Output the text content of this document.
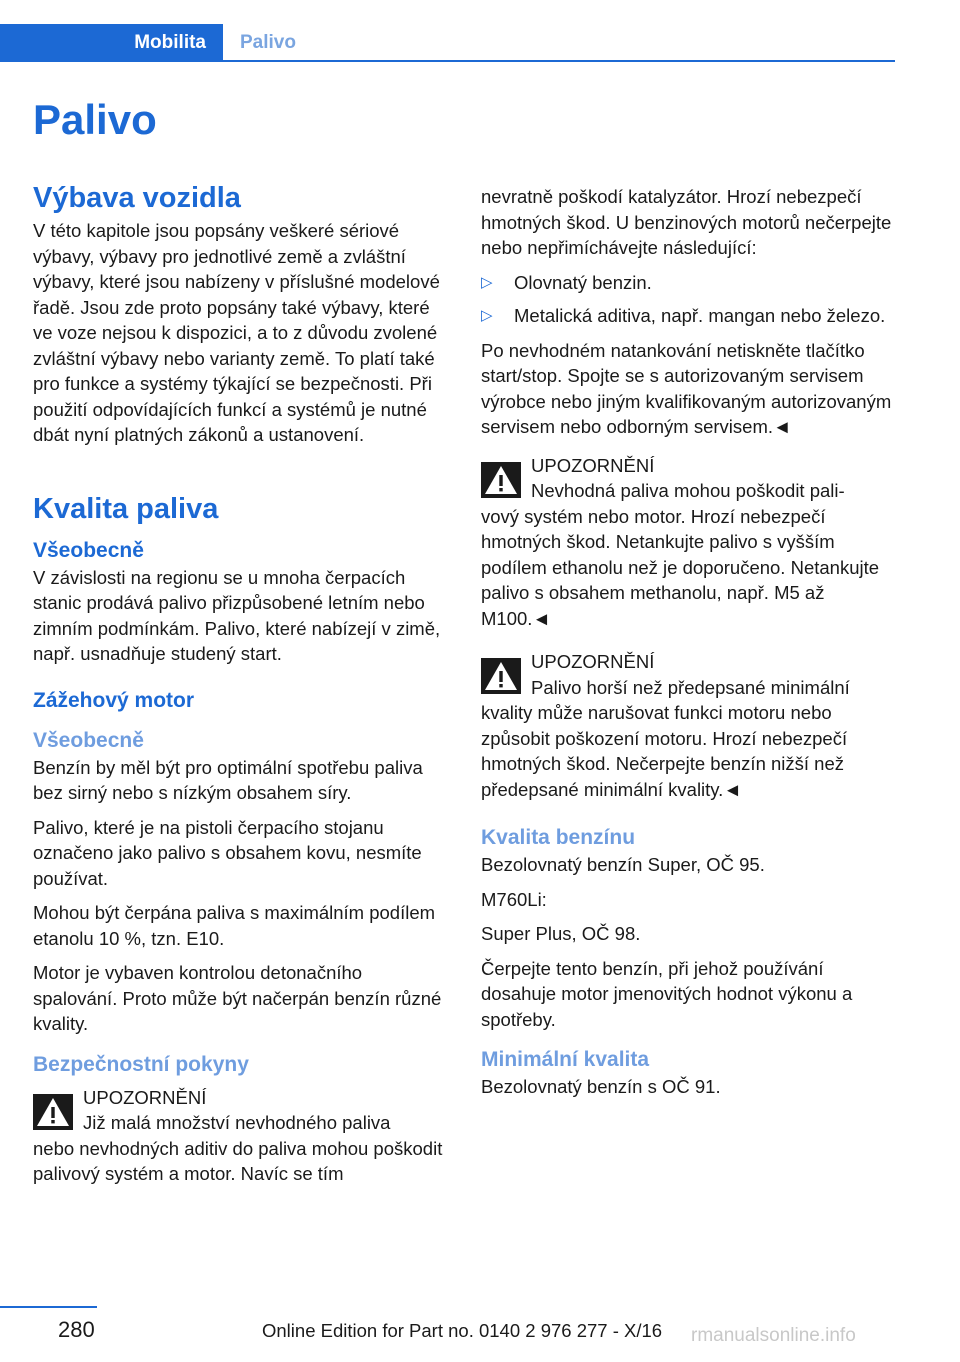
Mobilita Palivo
Palivo
Výbava vozidla

V této kapitole jsou popsány veškeré sériové výbavy, výbavy pro jednotlivé země a zvláštní výbavy, které jsou nabízeny v příslušné modelové řadě. Jsou zde proto popsány také výbavy, které ve voze nejsou k dispozici, a to z důvodu zvolené zvláštní výbavy nebo varianty země. To platí také pro funkce a systémy týkající se bezpečnosti. Při použití odpovídajících funkcí a systémů je nutné dbát nyní platných zákonů a ustanovení.

Kvalita paliva
Všeobecně

V závislosti na regionu se u mnoha čerpacích stanic prodává palivo přizpůsobené letním nebo zimním podmínkám. Palivo, které nabízejí v zimě, např. usnadňuje studený start.

Zážehový motor
Všeobecně

Benzín by měl být pro optimální spotřebu paliva bez sirný nebo s nízkým obsahem síry.

Palivo, které je na pistoli čerpacího stojanu označeno jako palivo s obsahem kovu, nesmíte používat.

Mohou být čerpána paliva s maximálním podílem etanolu 10 %, tzn. E10.

Motor je vybaven kontrolou detonačního spalování. Proto může být načerpán benzín různé kvality.

Bezpečnostní pokyny
UPOZORNĚNÍ
Již malá množství nevhodného paliva

nebo nevhodných aditiv do paliva mohou poškodit palivový systém a motor. Navíc se tím

nevratně poškodí katalyzátor. Hrozí nebezpečí hmotných škod. U benzinových motorů nečerpejte nebo nepřimíchávejte následující:

▷ Olovnatý benzin.
▷ Metalická aditiva, např. mangan nebo železo.

Po nevhodném natankování netiskněte tlačítko start/stop. Spojte se s autorizovaným servisem výrobce nebo jiným kvalifikovaným autorizovaným servisem nebo odborným servisem.◄

UPOZORNĚNÍ
Nevhodná paliva mohou poškodit pali-

vový systém nebo motor. Hrozí nebezpečí hmotných škod. Netankujte palivo s vyšším podílem ethanolu než je doporučeno. Netankujte palivo s obsahem methanolu, např. M5 až M100.◄

UPOZORNĚNÍ
Palivo horší než předepsané minimální

kvality může narušovat funkci motoru nebo způsobit poškození motoru. Hrozí nebezpečí hmotných škod. Nečerpejte benzín nižší než předepsané minimální kvality.◄

Kvalita benzínu

Bezolovnatý benzín Super, OČ 95.

M760Li:

Super Plus, OČ 98.

Čerpejte tento benzín, při jehož používání dosahuje motor jmenovitých hodnot výkonu a spotřeby.

Minimální kvalita

Bezolovnatý benzín s OČ 91.

280	Online Edition for Part no. 0140 2 976 277 - X/16 rmanualsonline.info
